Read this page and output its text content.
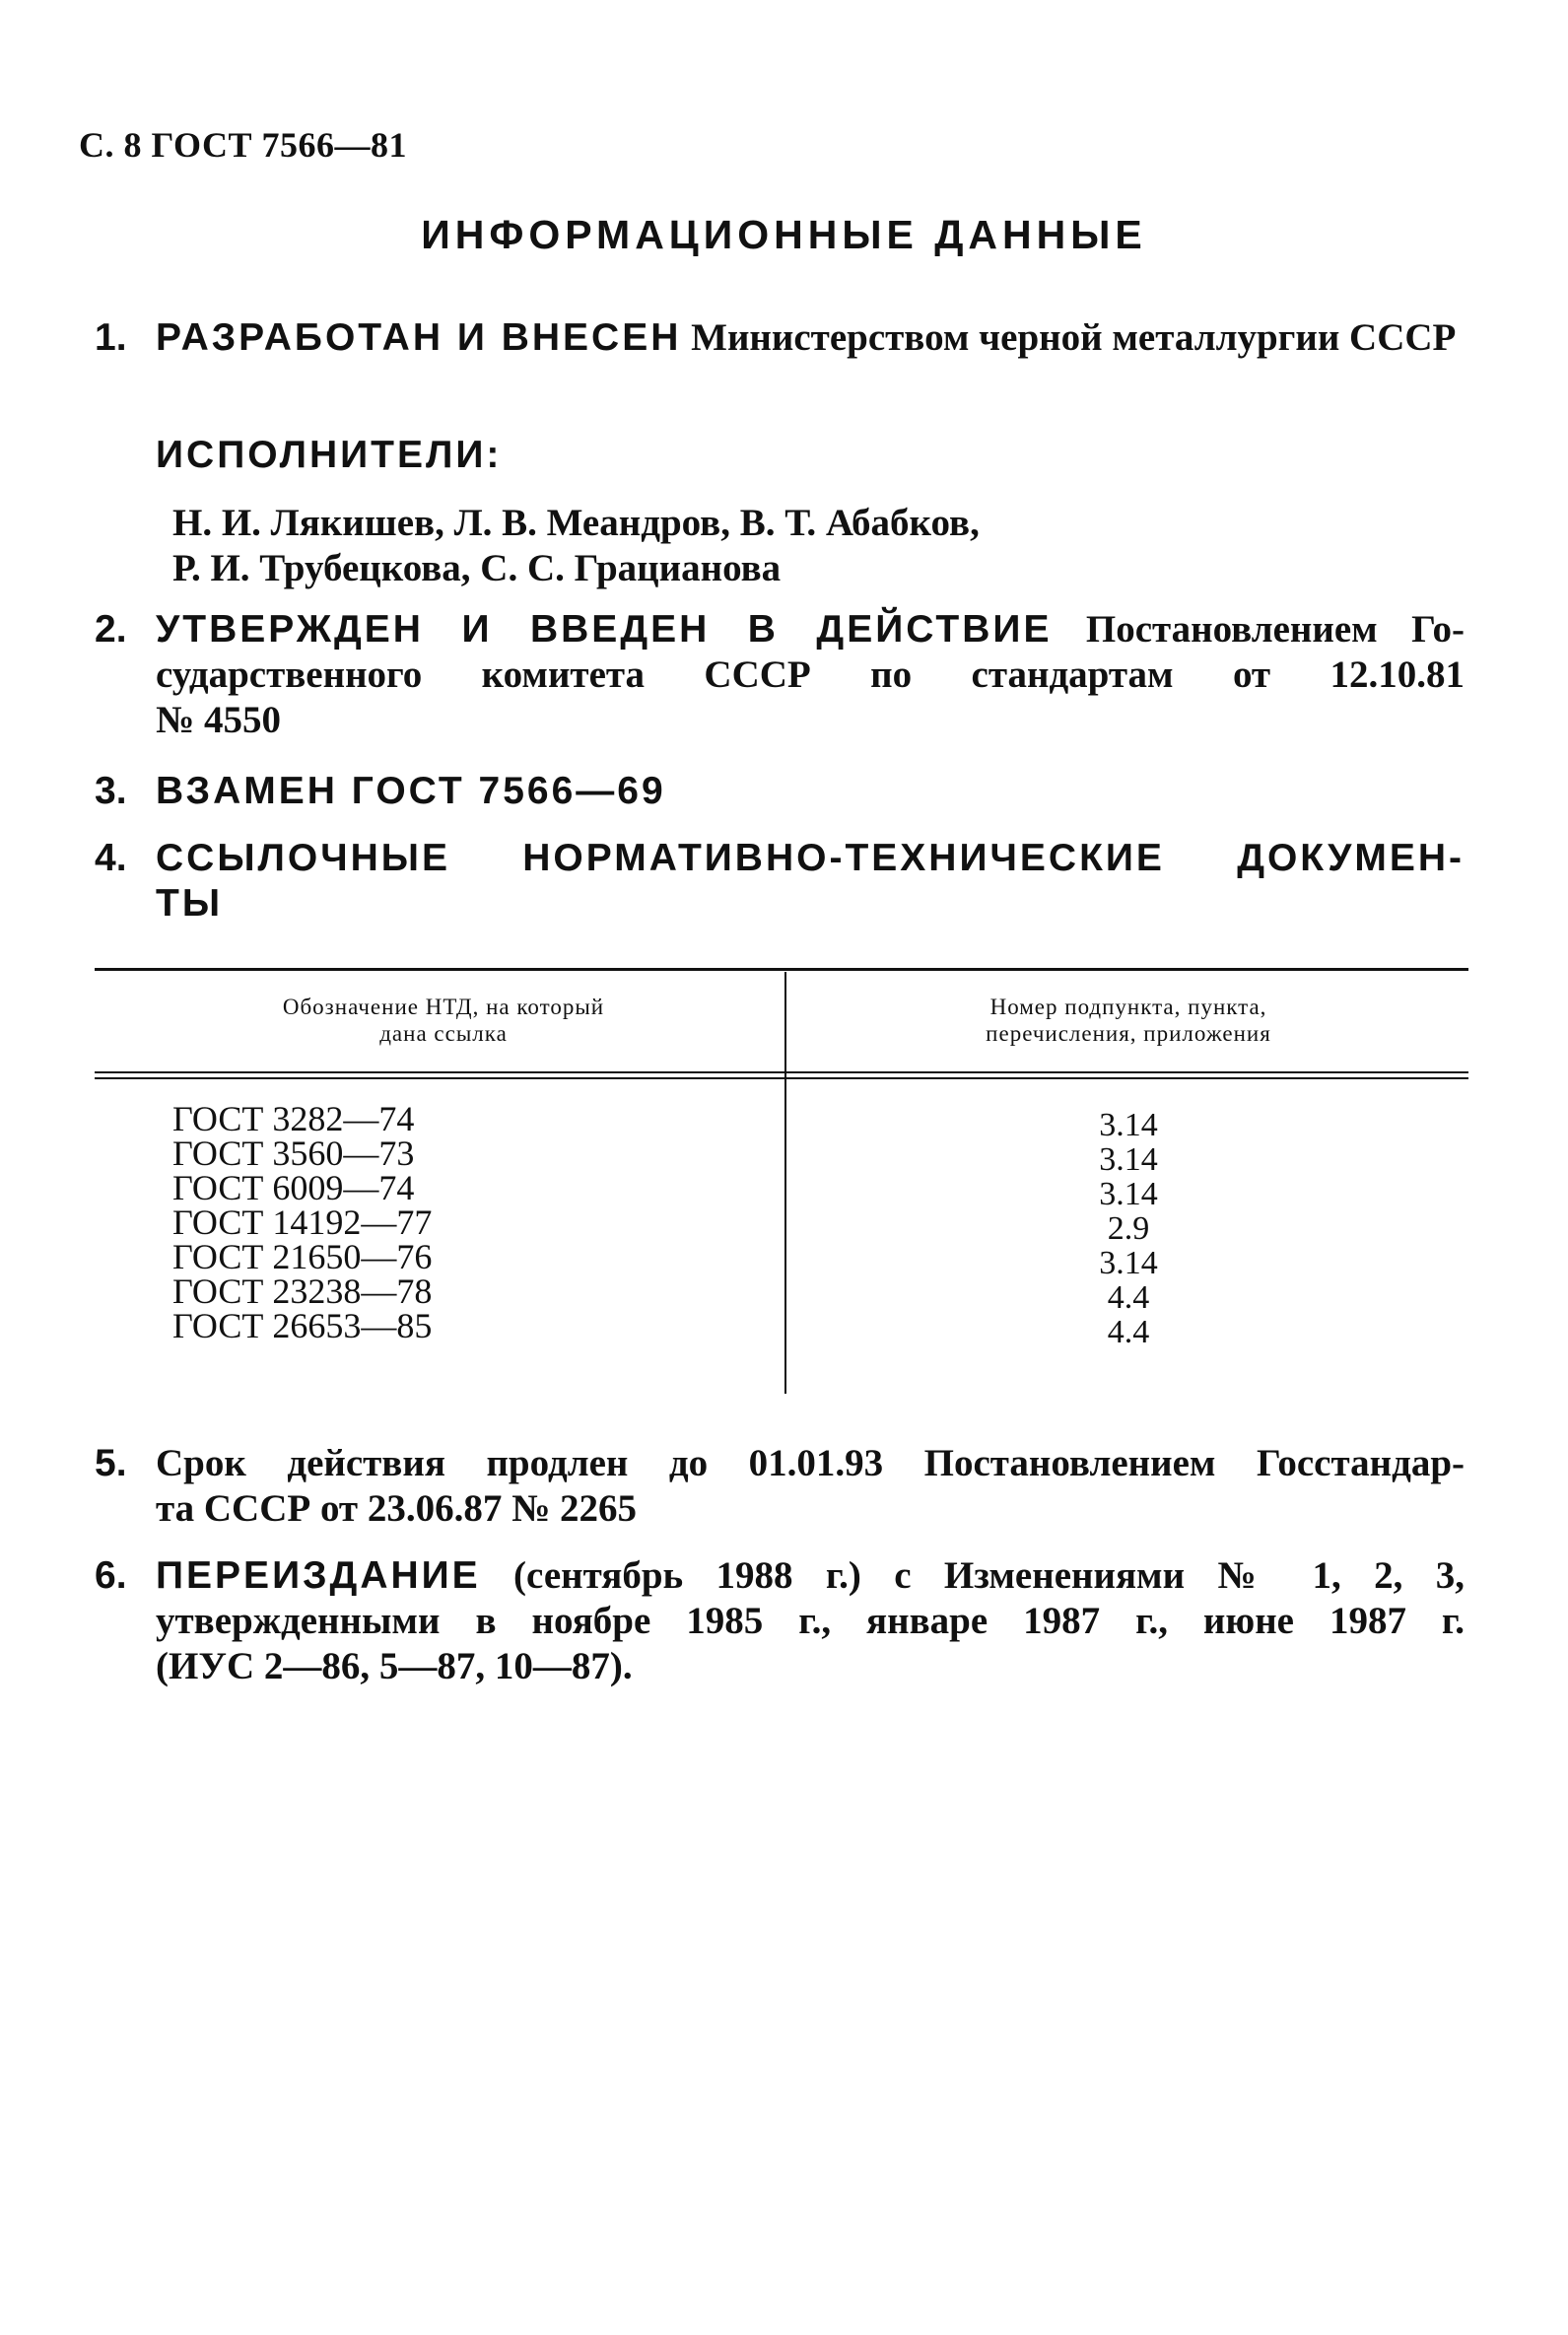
С. 8 ГОСТ 7566—81
ИНФОРМАЦИОННЫЕ ДАННЫЕ
1. РАЗРАБОТАН И ВНЕСЕН Министерством черной металлургии СССР
ИСПОЛНИТЕЛИ:
Н. И. Лякишев, Л. В. Меандров, В. Т. Абабков,
Р. И. Трубецкова, С. С. Грацианова
2. УТВЕРЖДЕН И ВВЕДЕН В ДЕЙСТВИЕ Постановлением Го-
сударственного комитета СССР по стандартам от 12.10.81
№ 4550
3. ВЗАМЕН ГОСТ 7566—69
4. ССЫЛОЧНЫЕ НОРМАТИВНО-ТЕХНИЧЕСКИЕ ДОКУМЕН-
ТЫ
Обозначение НТД, на который
дана ссылка
Номер подпункта, пункта,
перечисления, приложения
ГОСТ 3282—74
ГОСТ 3560—73
ГОСТ 6009—74
ГОСТ 14192—77
ГОСТ 21650—76
ГОСТ 23238—78
ГОСТ 26653—85
3.14
3.14
3.14
2.9
3.14
4.4
4.4
5. Срок действия продлен до 01.01.93 Постановлением Госстандар-
та СССР от 23.06.87 № 2265
6. ПЕРЕИЗДАНИЕ (сентябрь 1988 г.) с Изменениями № 1, 2, 3,
утвержденными в ноябре 1985 г., январе 1987 г., июне 1987 г.
(ИУС 2—86, 5—87, 10—87).
